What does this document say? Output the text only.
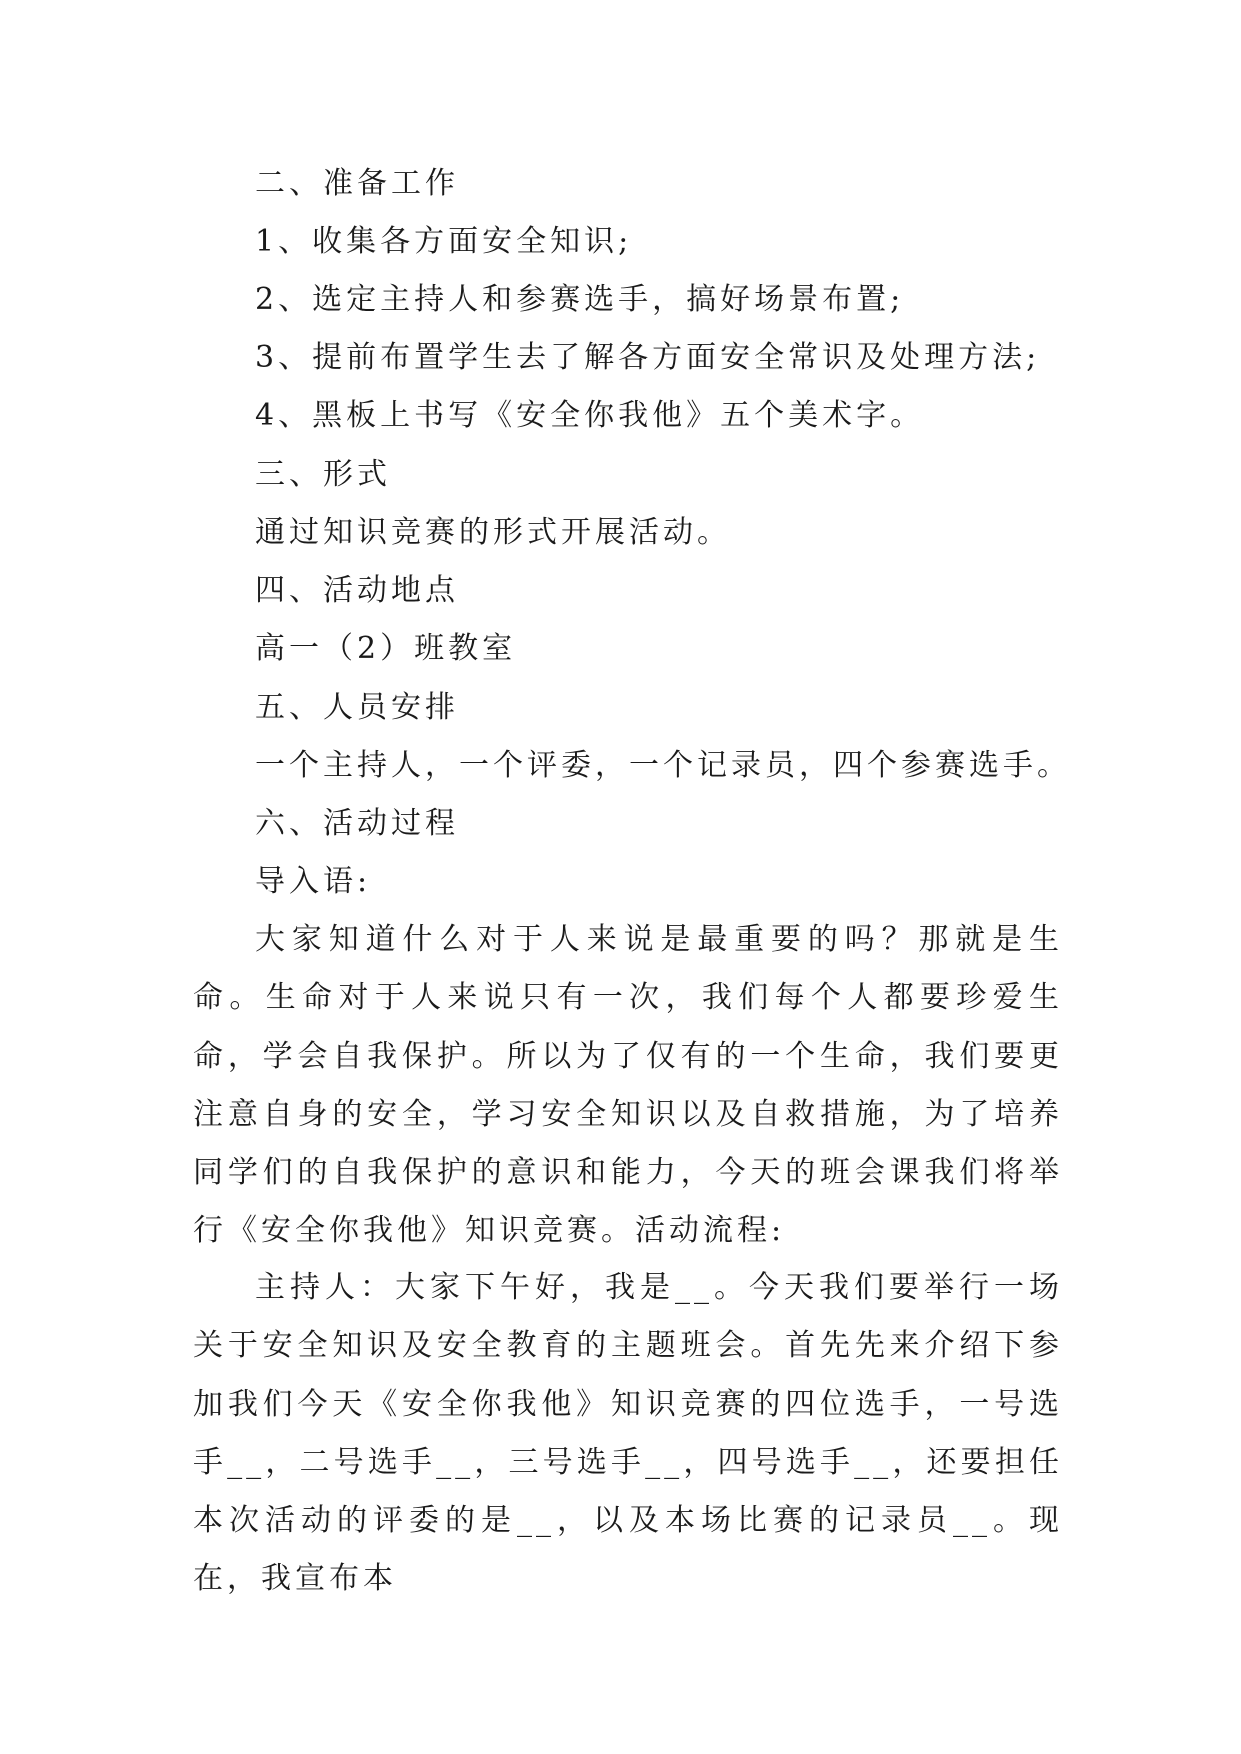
二、准备工作
1、收集各方面安全知识;
2、选定主持人和参赛选手，搞好场景布置;
3、提前布置学生去了解各方面安全常识及处理方法;
4、黑板上书写《安全你我他》五个美术字。
三、形式
通过知识竞赛的形式开展活动。
四、活动地点
高一（2）班教室
五、人员安排
一个主持人，一个评委，一个记录员，四个参赛选手。
六、活动过程
导入语:
大家知道什么对于人来说是最重要的吗？那就是生命。生命对于人来说只有一次，我们每个人都要珍爱生命，学会自我保护。所以为了仅有的一个生命，我们要更注意自身的安全，学习安全知识以及自救措施，为了培养同学们的自我保护的意识和能力，今天的班会课我们将举行《安全你我他》知识竞赛。活动流程:
主持人：大家下午好，我是__。今天我们要举行一场关于安全知识及安全教育的主题班会。首先先来介绍下参加我们今天《安全你我他》知识竞赛的四位选手，一号选手__，二号选手__，三号选手__，四号选手__，还要担任本次活动的评委的是__，以及本场比赛的记录员__。现在，我宣布本
